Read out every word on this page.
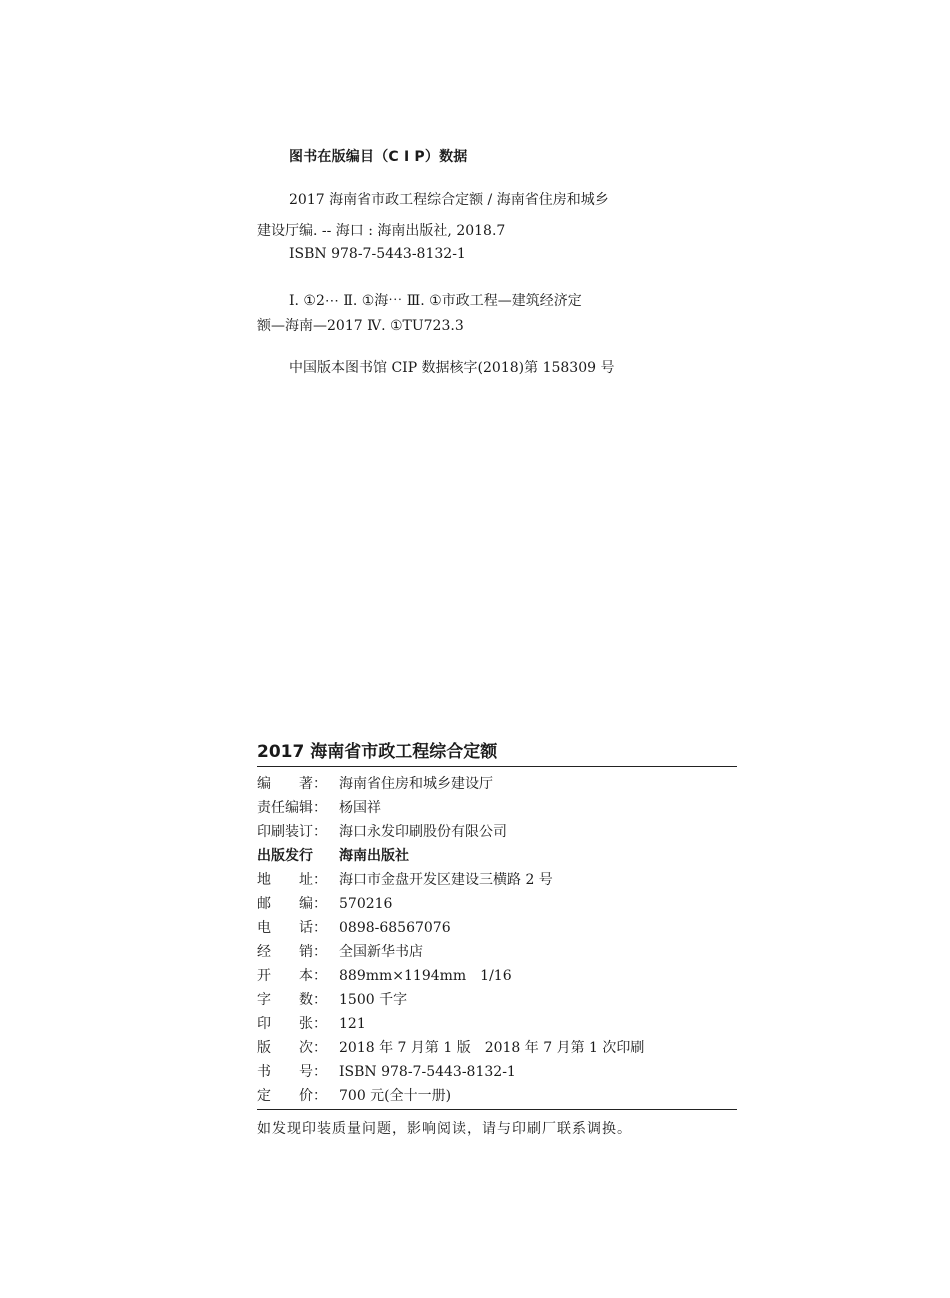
图书在版编目（C I P）数据
2017 海南省市政工程综合定额 / 海南省住房和城乡
建设厅编. -- 海口 : 海南出版社, 2018.7
ISBN 978-7-5443-8132-1
Ⅰ. ①2⋯ Ⅱ. ①海⋯ Ⅲ. ①市政工程—建筑经济定
额—海南—2017 Ⅳ. ①TU723.3
中国版本图书馆 CIP 数据核字(2018)第 158309 号
2017 海南省市政工程综合定额
编　　著： 海南省住房和城乡建设厅
责任编辑： 杨国祥
印刷装订： 海口永发印刷股份有限公司
出版发行	海南出版社
地　　址： 海口市金盘开发区建设三横路 2 号
邮　　编： 570216
电　　话： 0898-68567076
经　　销： 全国新华书店
开　　本： 889mm×1194mm　1/16
字　　数： 1500 千字
印　　张： 121
版　　次： 2018 年 7 月第 1 版　2018 年 7 月第 1 次印刷
书　　号： ISBN 978-7-5443-8132-1
定　　价： 700 元(全十一册)
如发现印装质量问题，影响阅读，请与印刷厂联系调换。
